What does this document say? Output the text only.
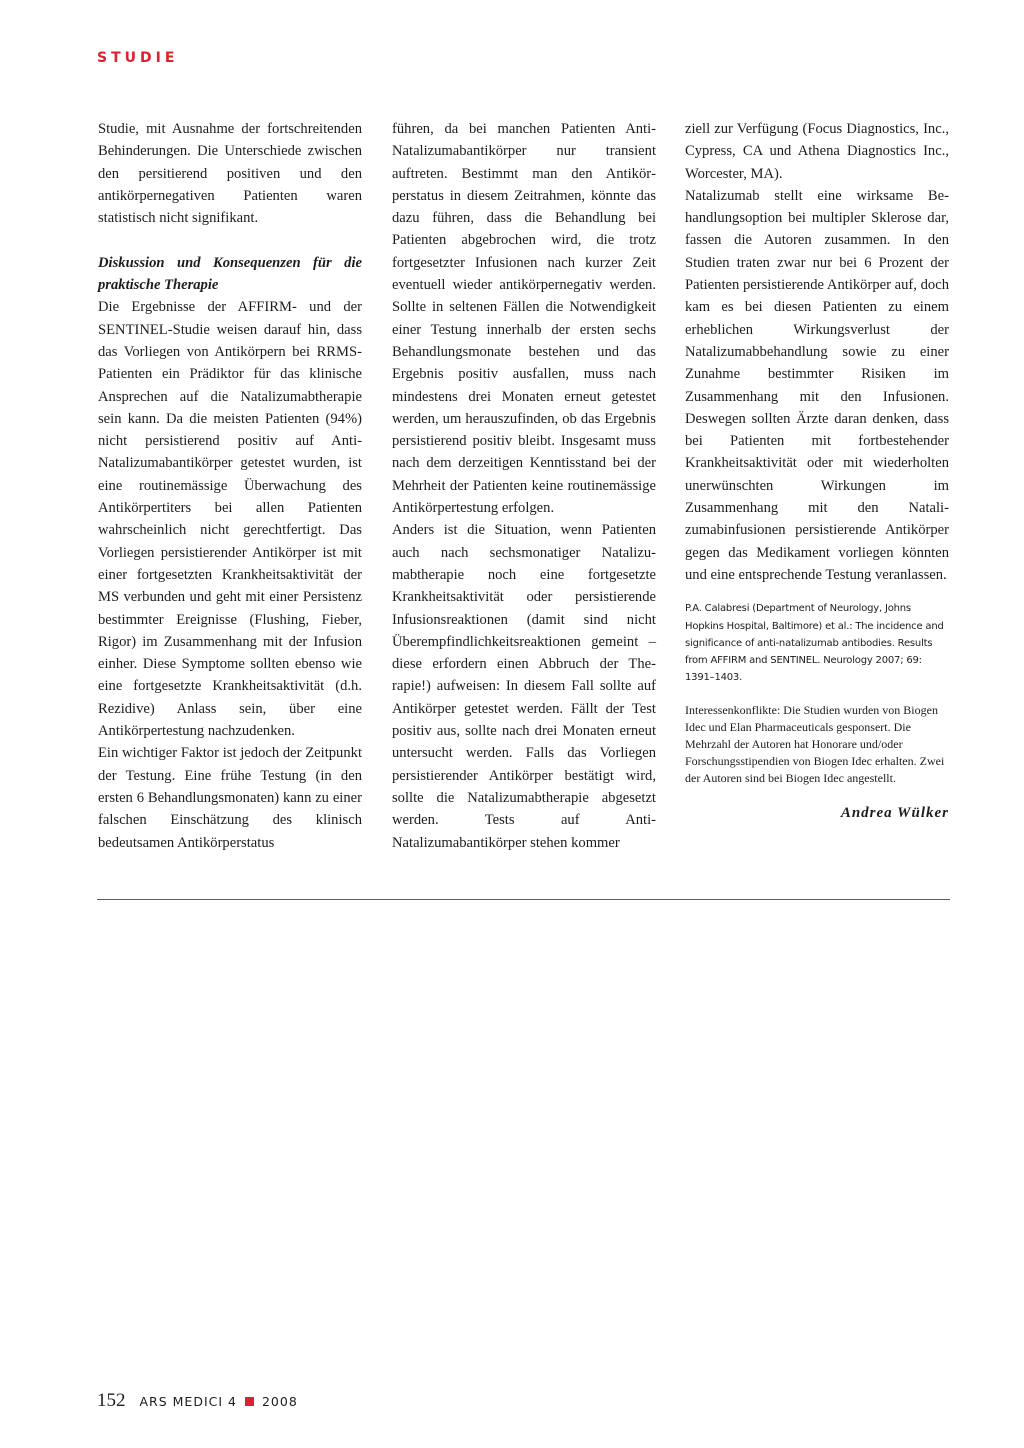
STUDIE

Studie, mit Ausnahme der fortschreitenden Behinderungen. Die Unterschiede zwischen den persitierend positiven und den antikörpernegativen Patienten waren statistisch nicht signifikant.

Diskussion und Konsequenzen für die praktische Therapie

Die Ergebnisse der AFFIRM- und der SENTINEL-Studie weisen darauf hin, dass das Vorliegen von Antikörpern bei RRMS-Patienten ein Prädiktor für das klinische Ansprechen auf die Natalizumabtherapie sein kann. Da die meisten Patienten (94%) nicht persistierend positiv auf Anti-Natalizumabantikörper getestet wurden, ist eine routinemässige Überwachung des Antikörpertiters bei allen Patienten wahrscheinlich nicht gerechtfertigt. Das Vorliegen persistierender Antikörper ist mit einer fortgesetzten Krankheitsaktivität der MS verbunden und geht mit einer Persistenz bestimmter Ereignisse (Flushing, Fieber, Rigor) im Zusammenhang mit der Infusion einher. Diese Symptome sollten ebenso wie eine fortgesetzte Krankheitsaktivität (d.h. Rezidive) Anlass sein, über eine Antikörpertestung nachzudenken.

Ein wichtiger Faktor ist jedoch der Zeitpunkt der Testung. Eine frühe Testung (in den ersten 6 Behandlungsmonaten) kann zu einer falschen Einschätzung des klinisch bedeutsamen Antikörperstatus

führen, da bei manchen Patienten Anti-Natalizumabantikörper nur transient auftreten. Bestimmt man den Antikörperstatus in diesem Zeitrahmen, könnte das dazu führen, dass die Behandlung bei Patienten abgebrochen wird, die trotz fortgesetzter Infusionen nach kurzer Zeit eventuell wieder antikörpernegativ werden. Sollte in seltenen Fällen die Notwendigkeit einer Testung innerhalb der ersten sechs Behandlungsmonate bestehen und das Ergebnis positiv ausfallen, muss nach mindestens drei Monaten erneut getestet werden, um herauszufinden, ob das Ergebnis persistierend positiv bleibt. Insgesamt muss nach dem derzeitigen Kenntisstand bei der Mehrheit der Patienten keine routinemässige Antikörpertestung erfolgen.

Anders ist die Situation, wenn Patienten auch nach sechsmonatiger Natalizumabtherapie noch eine fortgesetzte Krankheitsaktivität oder persistierende Infusionsreaktionen (damit sind nicht Überempfindlichkeitsreaktionen gemeint – diese erfordern einen Abbruch der Therapie!) aufweisen: In diesem Fall sollte auf Antikörper getestet werden. Fällt der Test positiv aus, sollte nach drei Monaten erneut untersucht werden. Falls das Vorliegen persistierender Antikörper bestätigt wird, sollte die Natalizumabtherapie abgesetzt werden. Tests auf Anti-Natalizumabantikörper stehen kommer

ziell zur Verfügung (Focus Diagnostics, Inc., Cypress, CA und Athena Diagnostics Inc., Worcester, MA).

Natalizumab stellt eine wirksame Behandlungsoption bei multipler Sklerose dar, fassen die Autoren zusammen. In den Studien traten zwar nur bei 6 Prozent der Patienten persistierende Antikörper auf, doch kam es bei diesen Patienten zu einem erheblichen Wirkungsverlust der Natalizumabbehandlung sowie zu einer Zunahme bestimmter Risiken im Zusammenhang mit den Infusionen. Deswegen sollten Ärzte daran denken, dass bei Patienten mit fortbestehender Krankheitsaktivität oder mit wiederholten unerwünschten Wirkungen im Zusammenhang mit den Natalizumabinfusionen persistierende Antikörper gegen das Medikament vorliegen könnten und eine entsprechende Testung veranlassen.

P.A. Calabresi (Department of Neurology, Johns Hopkins Hospital, Baltimore) et al.: The incidence and significance of anti-natalizumab antibodies. Results from AFFIRM and SENTINEL. Neurology 2007; 69: 1391–1403.

Interessenkonflikte: Die Studien wurden von Biogen Idec und Elan Pharmaceuticals gesponsert. Die Mehrzahl der Autoren hat Honorare und/oder Forschungsstipendien von Biogen Idec erhalten. Zwei der Autoren sind bei Biogen Idec angestellt.

Andrea Wülker

152 ARS MEDICI 4 2008
